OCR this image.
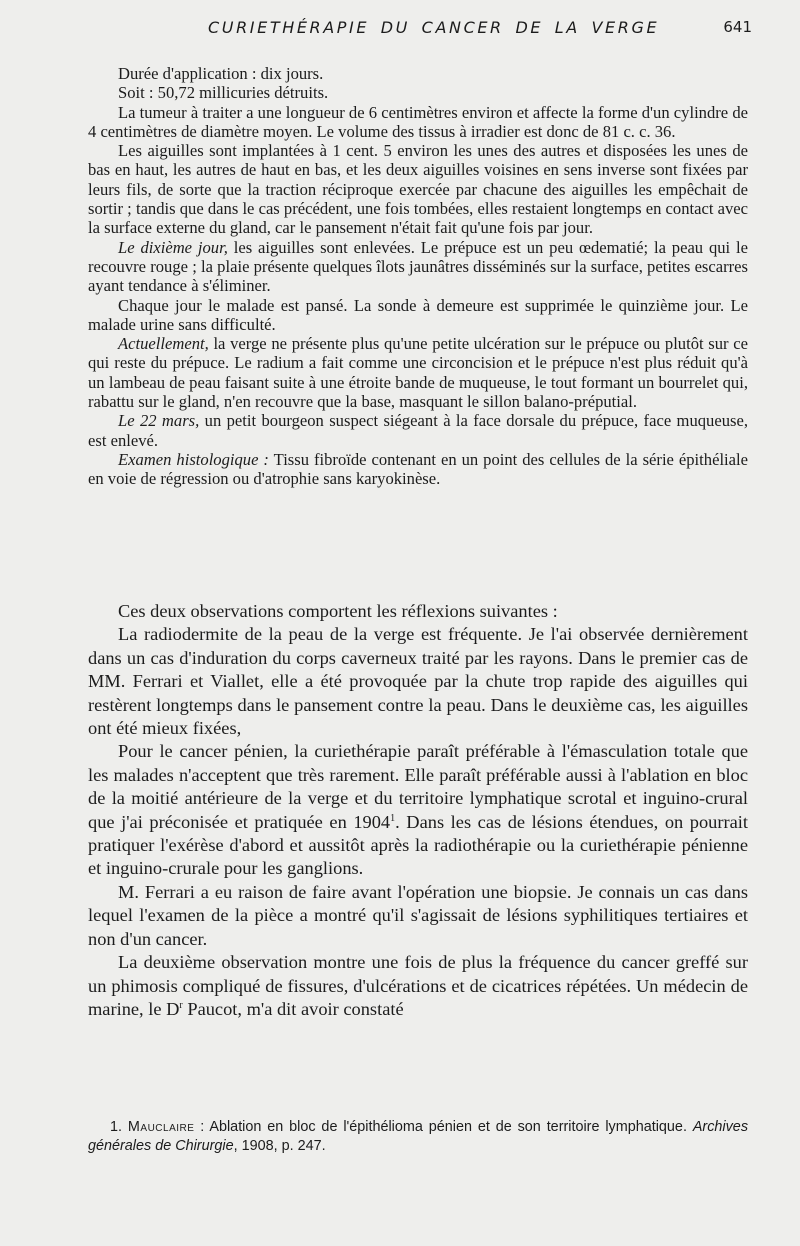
CURIETHÉRAPIE DU CANCER DE LA VERGE	641

Durée d'application : dix jours.

Soit : 50,72 millicuries détruits.

La tumeur à traiter a une longueur de 6 centimètres environ et affecte la forme d'un cylindre de 4 centimètres de diamètre moyen. Le volume des tissus à irradier est donc de 81 c. c. 36.

Les aiguilles sont implantées à 1 cent. 5 environ les unes des autres et disposées les unes de bas en haut, les autres de haut en bas, et les deux aiguilles voisines en sens inverse sont fixées par leurs fils, de sorte que la traction réciproque exercée par chacune des aiguilles les empêchait de sortir ; tandis que dans le cas précédent, une fois tombées, elles restaient longtemps en contact avec la surface externe du gland, car le pansement n'était fait qu'une fois par jour.

Le dixième jour, les aiguilles sont enlevées. Le prépuce est un peu œdematié; la peau qui le recouvre rouge ; la plaie présente quelques îlots jaunâtres disséminés sur la surface, petites escarres ayant tendance à s'éliminer.

Chaque jour le malade est pansé. La sonde à demeure est supprimée le quinzième jour. Le malade urine sans difficulté.

Actuellement, la verge ne présente plus qu'une petite ulcération sur le prépuce ou plutôt sur ce qui reste du prépuce. Le radium a fait comme une circoncision et le prépuce n'est plus réduit qu'à un lambeau de peau faisant suite à une étroite bande de muqueuse, le tout formant un bourrelet qui, rabattu sur le gland, n'en recouvre que la base, masquant le sillon balano-préputial.

Le 22 mars, un petit bourgeon suspect siégeant à la face dorsale du prépuce, face muqueuse, est enlevé.

Examen histologique : Tissu fibroïde contenant en un point des cellules de la série épithéliale en voie de régression ou d'atrophie sans karyokinèse.

Ces deux observations comportent les réflexions suivantes :

La radiodermite de la peau de la verge est fréquente. Je l'ai observée dernièrement dans un cas d'induration du corps caverneux traité par les rayons. Dans le premier cas de MM. Ferrari et Viallet, elle a été provoquée par la chute trop rapide des aiguilles qui restèrent longtemps dans le pansement contre la peau. Dans le deuxième cas, les aiguilles ont été mieux fixées,

Pour le cancer pénien, la curiethérapie paraît préférable à l'émasculation totale que les malades n'acceptent que très rarement. Elle paraît préférable aussi à l'ablation en bloc de la moitié antérieure de la verge et du territoire lymphatique scrotal et inguino-crural que j'ai préconisée et pratiquée en 1904$^1$. Dans les cas de lésions étendues, on pourrait pratiquer l'exérèse d'abord et aussitôt après la radiothérapie ou la curiethérapie pénienne et inguino-crurale pour les ganglions.

M. Ferrari a eu raison de faire avant l'opération une biopsie. Je connais un cas dans lequel l'examen de la pièce a montré qu'il s'agissait de lésions syphilitiques tertiaires et non d'un cancer.

La deuxième observation montre une fois de plus la fréquence du cancer greffé sur un phimosis compliqué de fissures, d'ulcérations et de cicatrices répétées. Un médecin de marine, le $D^r$ Paucot, m'a dit avoir constaté

1. Mauclaire : Ablation en bloc de l'épithélioma pénien et de son territoire lymphatique. Archives générales de Chirurgie, 1908, p. 247.
